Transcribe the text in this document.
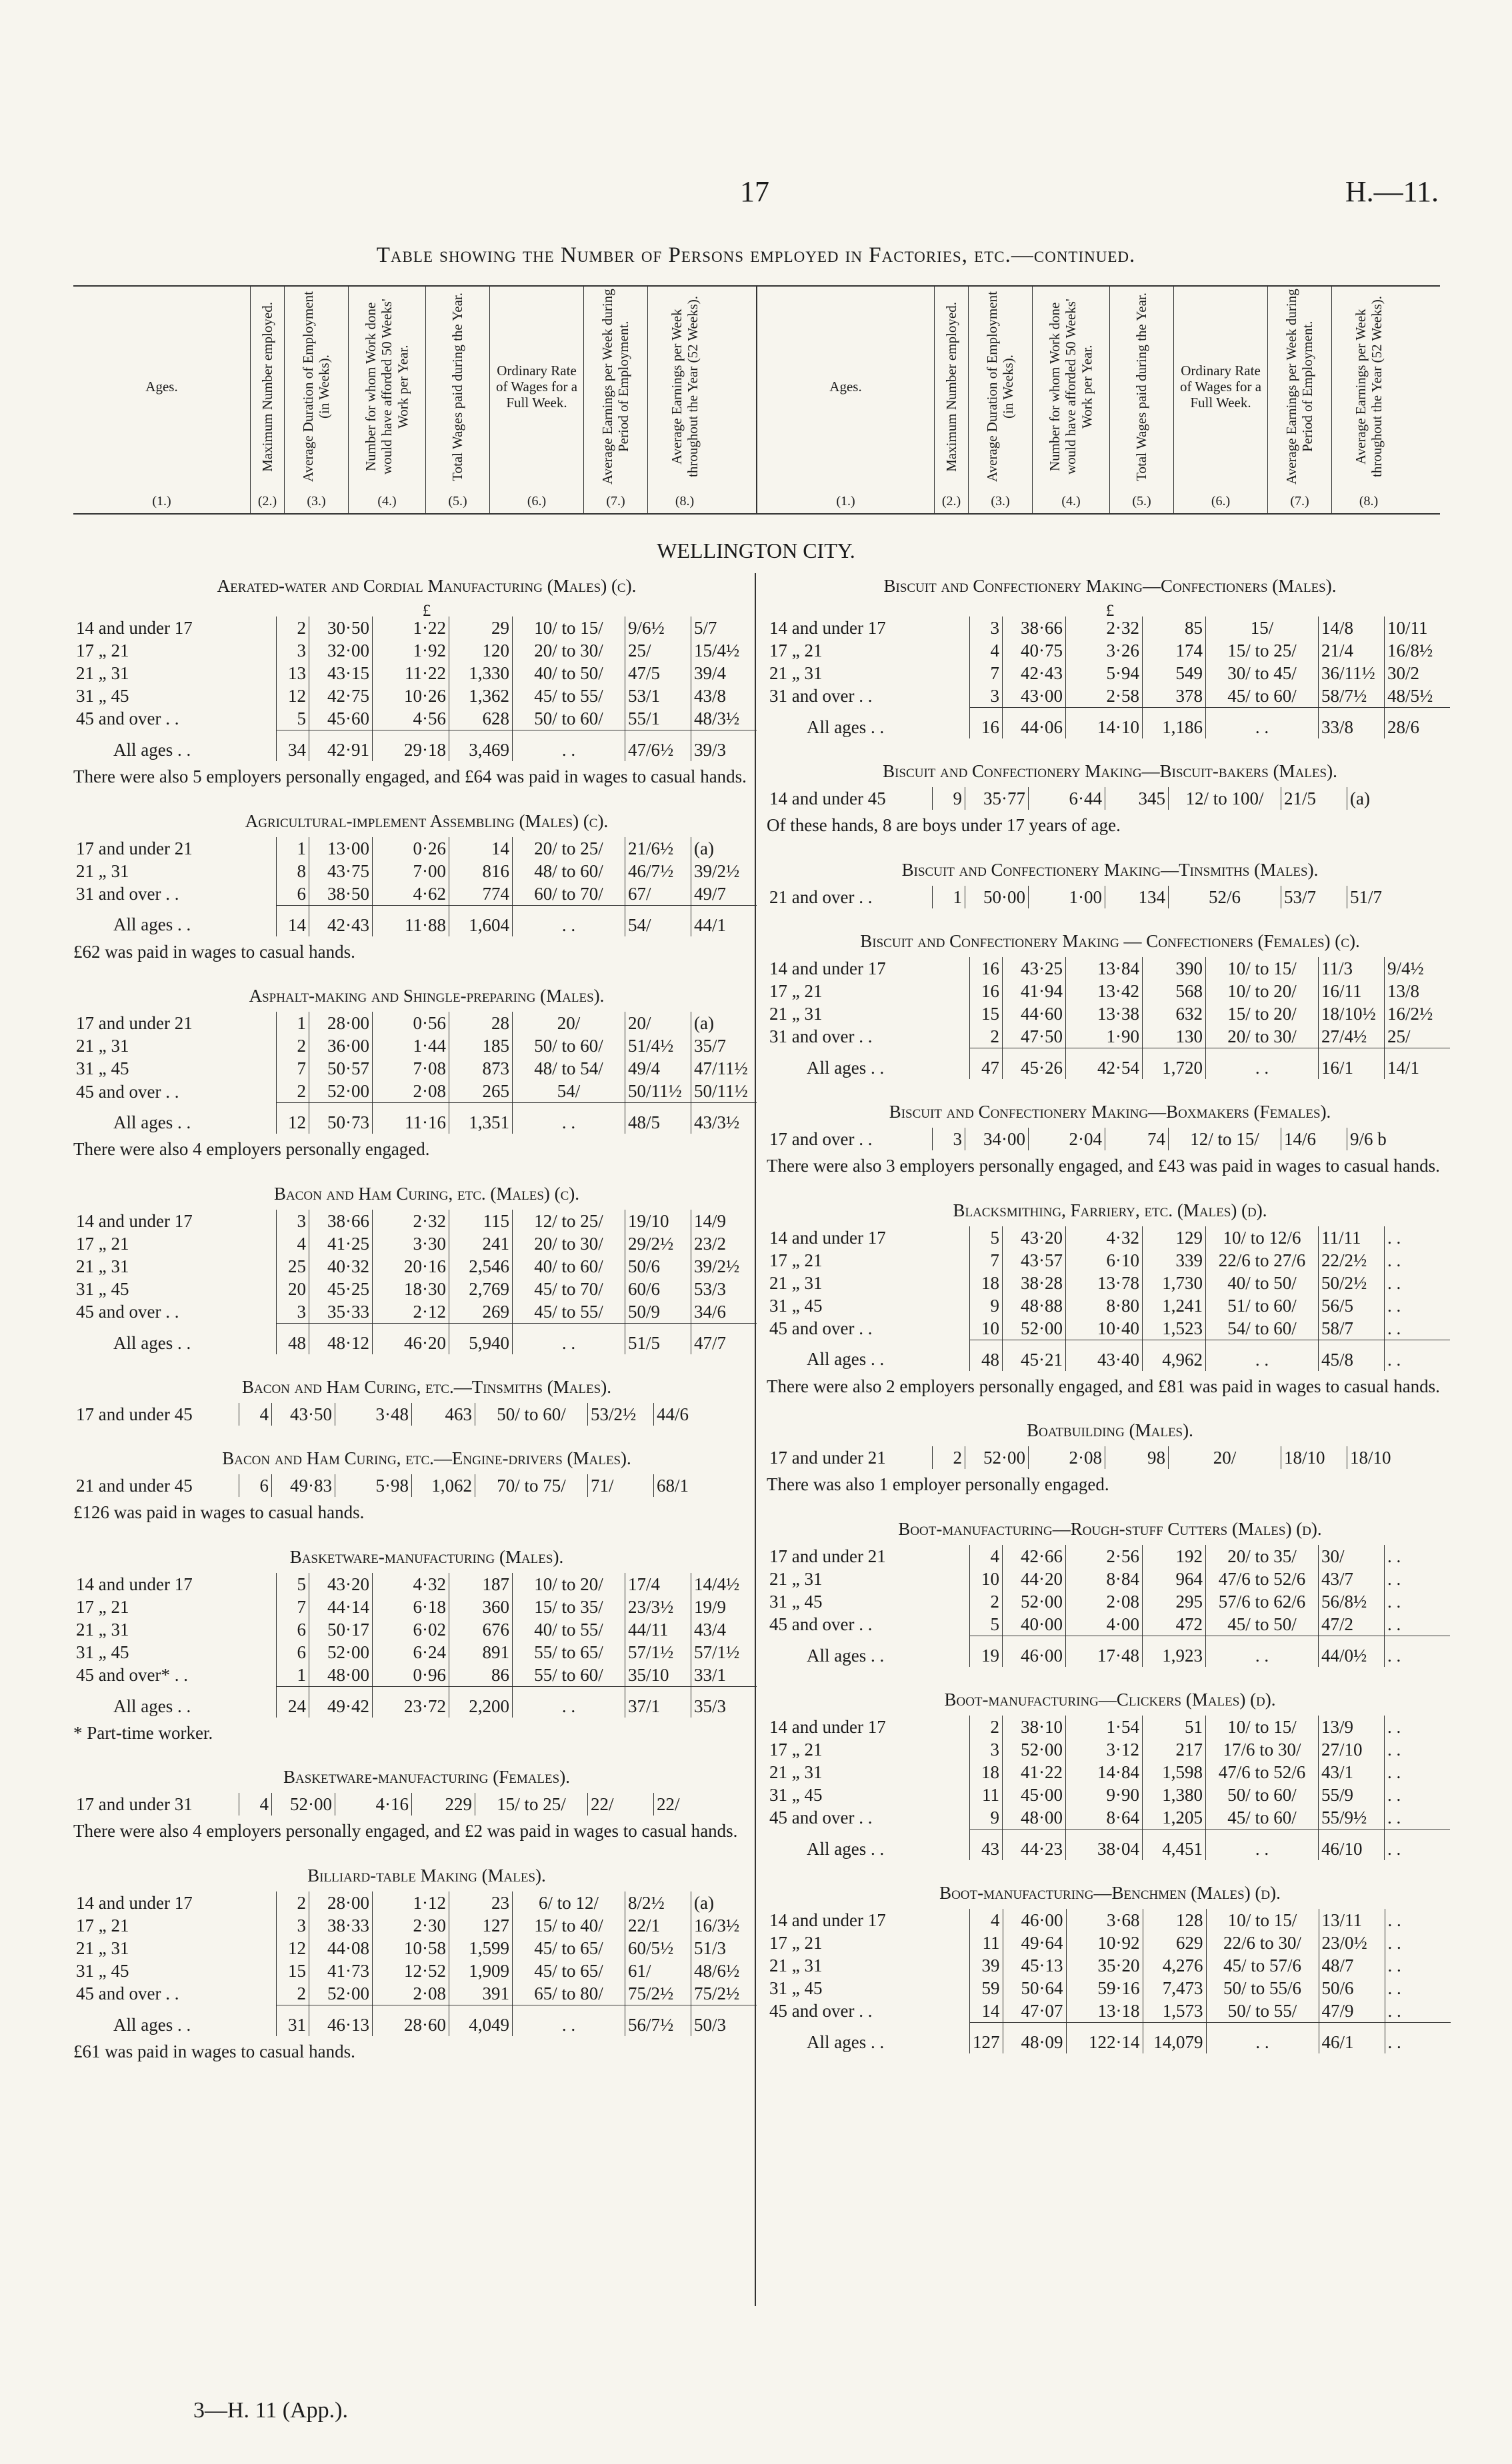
17	H.—11.
Table showing the Number of Persons employed in Factories, etc.—continued.
Ages.
(1.)
Maximum Number employed.
(2.)
Average Duration of Employment (in Weeks).
(3.)
Number for whom Work done would have afforded 50 Weeks' Work per Year.
(4.)
Total Wages paid during the Year.
(5.)
Ordinary Rate of Wages for a Full Week.
(6.)
Average Earnings per Week during Period of Employment.
(7.)
Average Earnings per Week throughout the Year (52 Weeks).
(8.)
Ages.
(1.)
Maximum Number employed.
(2.)
Average Duration of Employment (in Weeks).
(3.)
Number for whom Work done would have afforded 50 Weeks' Work per Year.
(4.)
Total Wages paid during the Year.
(5.)
Ordinary Rate of Wages for a Full Week.
(6.)
Average Earnings per Week during Period of Employment.
(7.)
Average Earnings per Week throughout the Year (52 Weeks).
(8.)
WELLINGTON CITY.
Aerated-water and Cordial Manufacturing (Males) (c).
£
14 and under 17	2	30·50	1·22	29	10/ to 15/	9/6½	5/7
17 „ 21	3	32·00	1·92	120	20/ to 30/	25/	15/4½
21 „ 31	13	43·15	11·22	1,330	40/ to 50/	47/5	39/4
31 „ 45	12	42·75	10·26	1,362	45/ to 55/	53/1	43/8
45 and over . .	5	45·60	4·56	628	50/ to 60/	55/1	48/3½
All ages . .	34	42·91	29·18	3,469	. .	47/6½	39/3
There were also 5 employers personally engaged, and £64 was paid in wages to casual hands.
Agricultural-implement Assembling (Males) (c).
17 and under 21	1	13·00	0·26	14	20/ to 25/	21/6½	(a)
21 „ 31	8	43·75	7·00	816	48/ to 60/	46/7½	39/2½
31 and over . .	6	38·50	4·62	774	60/ to 70/	67/	49/7
All ages . .	14	42·43	11·88	1,604	. .	54/	44/1
£62 was paid in wages to casual hands.
Asphalt-making and Shingle-preparing (Males).
17 and under 21	1	28·00	0·56	28	20/	20/	(a)
21 „ 31	2	36·00	1·44	185	50/ to 60/	51/4½	35/7
31 „ 45	7	50·57	7·08	873	48/ to 54/	49/4	47/11½
45 and over . .	2	52·00	2·08	265	54/	50/11½	50/11½
All ages . .	12	50·73	11·16	1,351	. .	48/5	43/3½
There were also 4 employers personally engaged.
Bacon and Ham Curing, etc. (Males) (c).
14 and under 17	3	38·66	2·32	115	12/ to 25/	19/10	14/9
17 „ 21	4	41·25	3·30	241	20/ to 30/	29/2½	23/2
21 „ 31	25	40·32	20·16	2,546	40/ to 60/	50/6	39/2½
31 „ 45	20	45·25	18·30	2,769	45/ to 70/	60/6	53/3
45 and over . .	3	35·33	2·12	269	45/ to 55/	50/9	34/6
All ages . .	48	48·12	46·20	5,940	. .	51/5	47/7
Bacon and Ham Curing, etc.—Tinsmiths (Males).
17 and under 45	4	43·50	3·48	463	50/ to 60/	53/2½	44/6
Bacon and Ham Curing, etc.—Engine-drivers (Males).
21 and under 45	6	49·83	5·98	1,062	70/ to 75/	71/	68/1
£126 was paid in wages to casual hands.
Basketware-manufacturing (Males).
14 and under 17	5	43·20	4·32	187	10/ to 20/	17/4	14/4½
17 „ 21	7	44·14	6·18	360	15/ to 35/	23/3½	19/9
21 „ 31	6	50·17	6·02	676	40/ to 55/	44/11	43/4
31 „ 45	6	52·00	6·24	891	55/ to 65/	57/1½	57/1½
45 and over* . .	1	48·00	0·96	86	55/ to 60/	35/10	33/1
All ages . .	24	49·42	23·72	2,200	. .	37/1	35/3
* Part-time worker.
Basketware-manufacturing (Females).
17 and under 31	4	52·00	4·16	229	15/ to 25/	22/	22/
There were also 4 employers personally engaged, and £2 was paid in wages to casual hands.
Billiard-table Making (Males).
14 and under 17	2	28·00	1·12	23	6/ to 12/	8/2½	(a)
17 „ 21	3	38·33	2·30	127	15/ to 40/	22/1	16/3½
21 „ 31	12	44·08	10·58	1,599	45/ to 65/	60/5½	51/3
31 „ 45	15	41·73	12·52	1,909	45/ to 65/	61/	48/6½
45 and over . .	2	52·00	2·08	391	65/ to 80/	75/2½	75/2½
All ages . .	31	46·13	28·60	4,049	. .	56/7½	50/3
£61 was paid in wages to casual hands.
Biscuit and Confectionery Making—Confectioners (Males).
£
14 and under 17	3	38·66	2·32	85	15/	14/8	10/11
17 „ 21	4	40·75	3·26	174	15/ to 25/	21/4	16/8½
21 „ 31	7	42·43	5·94	549	30/ to 45/	36/11½	30/2
31 and over . .	3	43·00	2·58	378	45/ to 60/	58/7½	48/5½
All ages . .	16	44·06	14·10	1,186	. .	33/8	28/6
Biscuit and Confectionery Making—Biscuit-bakers (Males).
14 and under 45	9	35·77	6·44	345	12/ to 100/	21/5	(a)
Of these hands, 8 are boys under 17 years of age.
Biscuit and Confectionery Making—Tinsmiths (Males).
21 and over . .	1	50·00	1·00	134	52/6	53/7	51/7
Biscuit and Confectionery Making — Confectioners (Females) (c).
14 and under 17	16	43·25	13·84	390	10/ to 15/	11/3	9/4½
17 „ 21	16	41·94	13·42	568	10/ to 20/	16/11	13/8
21 „ 31	15	44·60	13·38	632	15/ to 20/	18/10½	16/2½
31 and over . .	2	47·50	1·90	130	20/ to 30/	27/4½	25/
All ages . .	47	45·26	42·54	1,720	. .	16/1	14/1
Biscuit and Confectionery Making—Boxmakers (Females).
17 and over . .	3	34·00	2·04	74	12/ to 15/	14/6	9/6 b
There were also 3 employers personally engaged, and £43 was paid in wages to casual hands.
Blacksmithing, Farriery, etc. (Males) (d).
14 and under 17	5	43·20	4·32	129	10/ to 12/6	11/11	. .
17 „ 21	7	43·57	6·10	339	22/6 to 27/6	22/2½	. .
21 „ 31	18	38·28	13·78	1,730	40/ to 50/	50/2½	. .
31 „ 45	9	48·88	8·80	1,241	51/ to 60/	56/5	. .
45 and over . .	10	52·00	10·40	1,523	54/ to 60/	58/7	. .
All ages . .	48	45·21	43·40	4,962	. .	45/8	. .
There were also 2 employers personally engaged, and £81 was paid in wages to casual hands.
Boatbuilding (Males).
17 and under 21	2	52·00	2·08	98	20/	18/10	18/10
There was also 1 employer personally engaged.
Boot-manufacturing—Rough-stuff Cutters (Males) (d).
17 and under 21	4	42·66	2·56	192	20/ to 35/	30/	. .
21 „ 31	10	44·20	8·84	964	47/6 to 52/6	43/7	. .
31 „ 45	2	52·00	2·08	295	57/6 to 62/6	56/8½	. .
45 and over . .	5	40·00	4·00	472	45/ to 50/	47/2	. .
All ages . .	19	46·00	17·48	1,923	. .	44/0½	. .
Boot-manufacturing—Clickers (Males) (d).
14 and under 17	2	38·10	1·54	51	10/ to 15/	13/9	. .
17 „ 21	3	52·00	3·12	217	17/6 to 30/	27/10	. .
21 „ 31	18	41·22	14·84	1,598	47/6 to 52/6	43/1	. .
31 „ 45	11	45·00	9·90	1,380	50/ to 60/	55/9	. .
45 and over . .	9	48·00	8·64	1,205	45/ to 60/	55/9½	. .
All ages . .	43	44·23	38·04	4,451	. .	46/10	. .
Boot-manufacturing—Benchmen (Males) (d).
14 and under 17	4	46·00	3·68	128	10/ to 15/	13/11	. .
17 „ 21	11	49·64	10·92	629	22/6 to 30/	23/0½	. .
21 „ 31	39	45·13	35·20	4,276	45/ to 57/6	48/7	. .
31 „ 45	59	50·64	59·16	7,473	50/ to 55/6	50/6	. .
45 and over . .	14	47·07	13·18	1,573	50/ to 55/	47/9	. .
All ages . .	127	48·09	122·14	14,079	. .	46/1	. .
3—H. 11 (App.).
